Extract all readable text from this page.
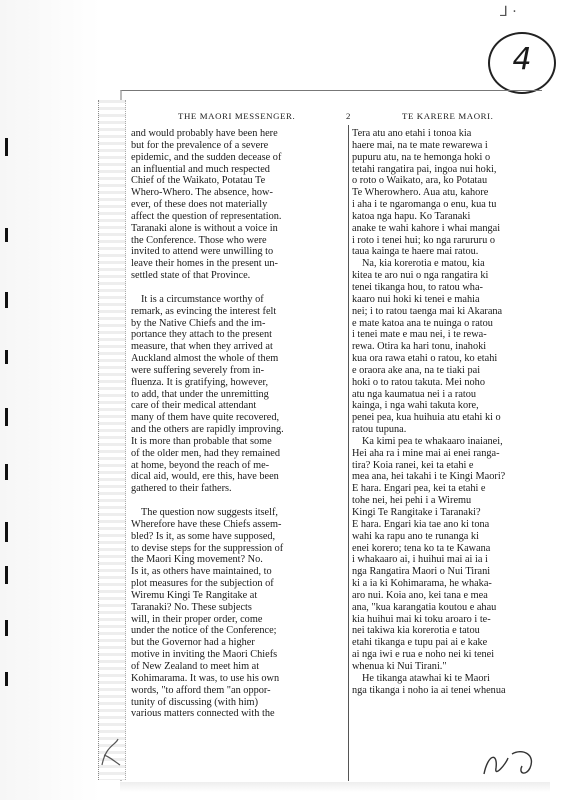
⅃ ·
4
THE MAORI MESSENGER.	2	TE KARERE MAORI.
and would probably have been here
but for the prevalence of a severe
epidemic, and the sudden decease of
an influential and much respected
Chief of the Waikato, Potatau Te
Whero-Whero. The absence, how-
ever, of these does not materially
affect the question of representation.
Taranaki alone is without a voice in
the Conference. Those who were
invited to attend were unwilling to
leave their homes in the present un-
settled state of that Province.
It is a circumstance worthy of
remark, as evincing the interest felt
by the Native Chiefs and the im-
portance they attach to the present
measure, that when they arrived at
Auckland almost the whole of them
were suffering severely from in-
fluenza. It is gratifying, however,
to add, that under the unremitting
care of their medical attendant
many of them have quite recovered,
and the others are rapidly improving.
It is more than probable that some
of the older men, had they remained
at home, beyond the reach of me-
dical aid, would, ere this, have been
gathered to their fathers.
The question now suggests itself,
Wherefore have these Chiefs assem-
bled? Is it, as some have supposed,
to devise steps for the suppression of
the Maori King movement? No.
Is it, as others have maintained, to
plot measures for the subjection of
Wiremu Kingi Te Rangitake at
Taranaki? No. These subjects
will, in their proper order, come
under the notice of the Conference;
but the Governor had a higher
motive in inviting the Maori Chiefs
of New Zealand to meet him at
Kohimarama. It was, to use his own
words, "to afford them "an oppor-
tunity of discussing (with him)
various matters connected with the
Tera atu ano etahi i tonoa kia
haere mai, na te mate rewarewa i
pupuru atu, na te hemonga hoki o
tetahi rangatira pai, ingoa nui hoki,
o roto o Waikato, ara, ko Potatau
Te Wherowhero. Aua atu, kahore
i aha i te ngaromanga o enu, kua tu
katoa nga hapu. Ko Taranaki
anake te wahi kahore i whai mangai
i roto i tenei hui; ko nga rarururu o
taua kainga te haere mai ratou.
Na, kia korerotia e matou, kia
kitea te aro nui o nga rangatira ki
tenei tikanga hou, to ratou wha-
kaaro nui hoki ki tenei e mahia
nei; i to ratou taenga mai ki Akarana
e mate katoa ana te nuinga o ratou
i tenei mate e mau nei, i te rewa-
rewa. Otira ka hari tonu, inahoki
kua ora rawa etahi o ratou, ko etahi
e oraora ake ana, na te tiaki pai
hoki o to ratou takuta. Mei noho
atu nga kaumatua nei i a ratou
kainga, i nga wahi takuta kore,
penei pea, kua huihuia atu etahi ki o
ratou tupuna.
Ka kimi pea te whakaaro inaianei,
Hei aha ra i mine mai ai enei ranga-
tira? Koia ranei, kei ta etahi e
mea ana, hei takahi i te Kingi Maori?
E hara. Engari pea, kei ta etahi e
tohe nei, hei pehi i a Wiremu
Kingi Te Rangitake i Taranaki?
E hara. Engari kia tae ano ki tona
wahi ka rapu ano te runanga ki
enei korero; tena ko ta te Kawana
i whakaaro ai, i huihui mai ai ia i
nga Rangatira Maori o Nui Tirani
ki a ia ki Kohimarama, he whaka-
aro nui. Koia ano, kei tana e mea
ana, "kua karangatia koutou e ahau
kia huihui mai ki toku aroaro i te-
nei takiwa kia korerotia e tatou
etahi tikanga e tupu pai ai e kake
ai nga iwi e rua e noho nei ki tenei
whenua ki Nui Tirani."
He tikanga atawhai ki te Maori
nga tikanga i noho ia ai tenei whenua
